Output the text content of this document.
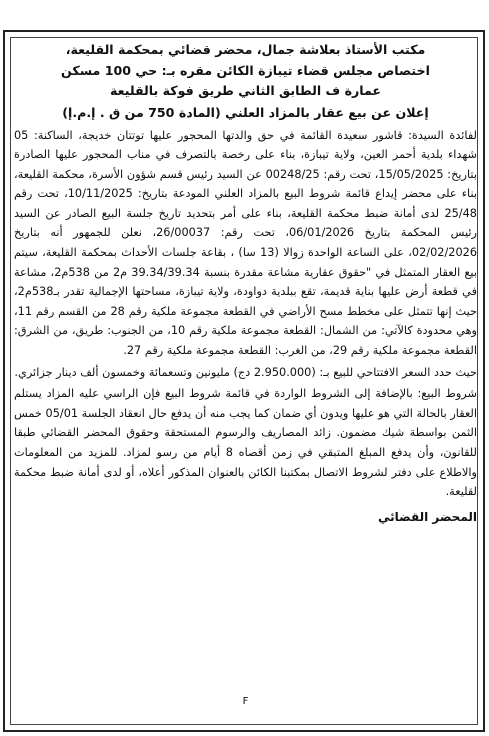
مكتب الأستاذ بعلاشة جمال، محضر قضائي بمحكمة القليعة،
اختصاص مجلس قضاء تيبازة الكائن مقره بـ: حي 100 مسكن
عمارة ف الطابق الثاني طريق فوكة بالقليعة
إعلان عن بيع عقار بالمزاد العلني (المادة 750 من ق . إ.م.إ)

لفائدة السيدة: قاشور سعيدة القائمة في حق والدتها المحجور عليها توتتان خديجة، الساكنة: 05 شهداء بلدية أحمر العين، ولاية تيبازة، بناء على رخصة بالتصرف في مناب المحجور عليها الصادرة بتاريخ: 15/05/2025، تحت رقم: 00248/25 عن السيد رئيس قسم شؤون الأسرة، محكمة القليعة، بناء على محضر إيداع قائمة شروط البيع بالمزاد العلني المودعة بتاريخ: 10/11/2025، تحت رقم 25/48 لدى أمانة ضبط محكمة القليعة، بناء على أمر بتحديد تاريخ جلسة البيع الصادر عن السيد رئيس المحكمة بتاريخ 06/01/2026، تحت رقم: 26/00037، نعلن للجمهور أنه بتاريخ 02/02/2026، على الساعة الواحدة زوالا (13 سا) ، بقاعة جلسات الأحداث بمحكمة القليعة، سيتم بيع العقار المتمثل في "حقوق عقارية مشاعة مقدرة بنسبة 39.34/39.34 م2 من 538م2، مشاعة في قطعة أرض عليها بناية قديمة، تقع ببلدية دواودة، ولاية تيبازة، مساحتها الإجمالية تقدر بـ538م2، حيث إنها تتمثل على مخطط مسح الأراضي في القطعة مجموعة ملكية رقم 28 من القسم رقم 11، وهي محدودة كالآتي: من الشمال: القطعة مجموعة ملكية رقم 10، من الجنوب: طريق، من الشرق: القطعة مجموعة ملكية رقم 29، من الغرب: القطعة مجموعة ملكية رقم 27.

حيث حدد السعر الافتتاحي للبيع بـ: (2.950.000 دج) مليونين وتسعمائة وخمسون ألف دينار جزائري.

شروط البيع: بالإضافة إلى الشروط الواردة في قائمة شروط البيع فإن الراسي عليه المزاد يستلم العقار بالحالة التي هو عليها ويدون أي ضمان كما يجب منه أن يدفع حال انعقاد الجلسة 05/01 خمس الثمن بواسطة شيك مضمون. زائد المصاريف والرسوم المستحقة وحقوق المحضر القضائي طبقا للقانون، وأن يدفع المبلغ المتبقي في زمن أقصاه 8 أيام من رسو لمزاد. للمزيد من المعلومات والاطلاع على دفتر لشروط الاتصال بمكتبنا الكائن بالعنوان المذكور أعلاه، أو لدى أمانة ضبط محكمة لقليعة.

المحضر القضائي
F
